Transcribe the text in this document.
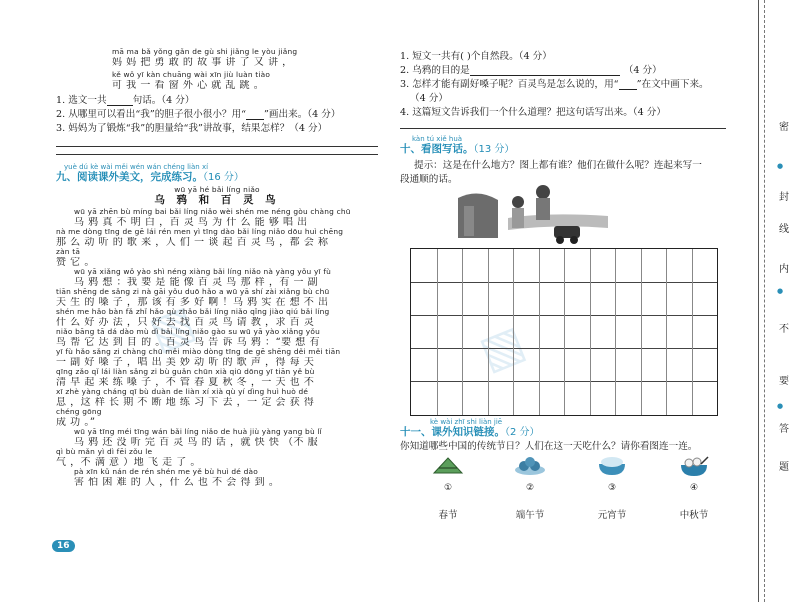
▧	▧
mā ma bǎ yǒng gǎn de gù shi jiǎng le yòu jiǎng
妈 妈 把 勇 敢 的 故 事 讲 了 又 讲 ，
kě wǒ yī kàn chuāng wài xīn jiù luàn tiào
可 我 一 看 窗 外 心 就 乱 跳 。
1. 选文一共	句话。（4 分）
2. 从哪里可以看出“我”的胆子很小很小？用“ ”画出来。（4 分）
3. 妈妈为了锻炼“我”的胆量给“我”讲故事，结果怎样？（4 分）
yuè dú kè wài měi wén wán chéng liàn xí
九、阅读课外美文，完成练习。（16 分）
wū yā hé bǎi líng niǎo
乌 鸦 和 百 灵 鸟
wū yā zhēn bù míng bai bǎi líng niǎo wèi shén me néng gòu chàng chū
乌 鸦 真 不 明 白 ，百 灵 鸟 为 什 么 能 够 唱 出
nà me dòng tīng de gē lái rén men yì tīng dào bǎi líng niǎo dōu huì chēng
那 么 动 听 的 歌 来 ，人 们 一 谈 起 百 灵 鸟 ，都 会 称
zàn tā
赞 它 。
wū yā xiǎng wǒ yào shì néng xiàng bǎi líng niǎo nà yàng yǒu yī fù
乌 鸦 想 ：我 要 是 能 像 百 灵 鸟 那 样 ，有 一 副
tiān shēng de sǎng zi nà gāi yǒu duō hǎo a wū yā shí zài xiǎng bù chū
天 生 的 嗓 子 ，那 该 有 多 好 啊 ！乌 鸦 实 在 想 不 出
shén me hǎo bàn fǎ zhǐ hǎo qù zhǎo bǎi líng niǎo qǐng jiào qiú bǎi líng
什 么 好 办 法 ，只 好 去 找 百 灵 鸟 请 教 ，求 百 灵
niǎo bāng tā dá dào mù dì bǎi líng niǎo gào su wū yā yào xiǎng yǒu
鸟 帮 它 达 到 目 的 。百 灵 鸟 告 诉 乌 鸦 ：“要 想 有
yī fù hǎo sǎng zi chàng chū měi miào dòng tīng de gē shēng děi měi tiān
一 副 好 嗓 子 ，唱 出 美 妙 动 听 的 歌 声 ，得 每 天
qīng zǎo qǐ lái liàn sǎng zi bù guǎn chūn xià qiū dōng yī tiān yě bù
清 早 起 来 练 嗓 子 ，不 管 春 夏 秋 冬 ，一 天 也 不
xī zhè yàng cháng qī bù duàn de liàn xí xià qù yí dìng huì huò dé
息 ，这 样 长 期 不 断 地 练 习 下 去 ，一 定 会 获 得
chéng gōng
成 功 。”
wū yā tīng méi tīng wán bǎi líng niǎo de huà jiù yàng yang bù lǐ
乌 鸦 还 没 听 完 百 灵 鸟 的 话 ，就 快 快 （不 服
qì bù mǎn yì dì fēi zǒu le
气 ，不 满 意 ）地 飞 走 了 。
pà xīn kǔ nán de rén shén me yě bù huì dé dào
害 怕 困 难 的 人 ，什 么 也 不 会 得 到 。
1. 短文一共有( )个自然段。（4 分）
2. 乌鸦的目的是	（4 分）
3. 怎样才能有副好嗓子呢？百灵鸟是怎么说的，用“ ”在文中画下来。
（4 分）
4. 这篇短文告诉我们一个什么道理？把这句话写出来。（4 分）
kàn tú xiě huà
十、看图写话。（13 分）
提示：这是在什么地方？图上都有谁？他们在做什么呢？连起来写一
段通顺的话。
kè wài zhī shi liàn jiē
十一、课外知识链接。（2 分）
你知道哪些中国的传统节日？人们在这一天吃什么？请你看图连一连。
①
春节
②
端午节
③
元宵节
④
中秋节
16
密
●
封
线
内
●
不
要
●
答
题
